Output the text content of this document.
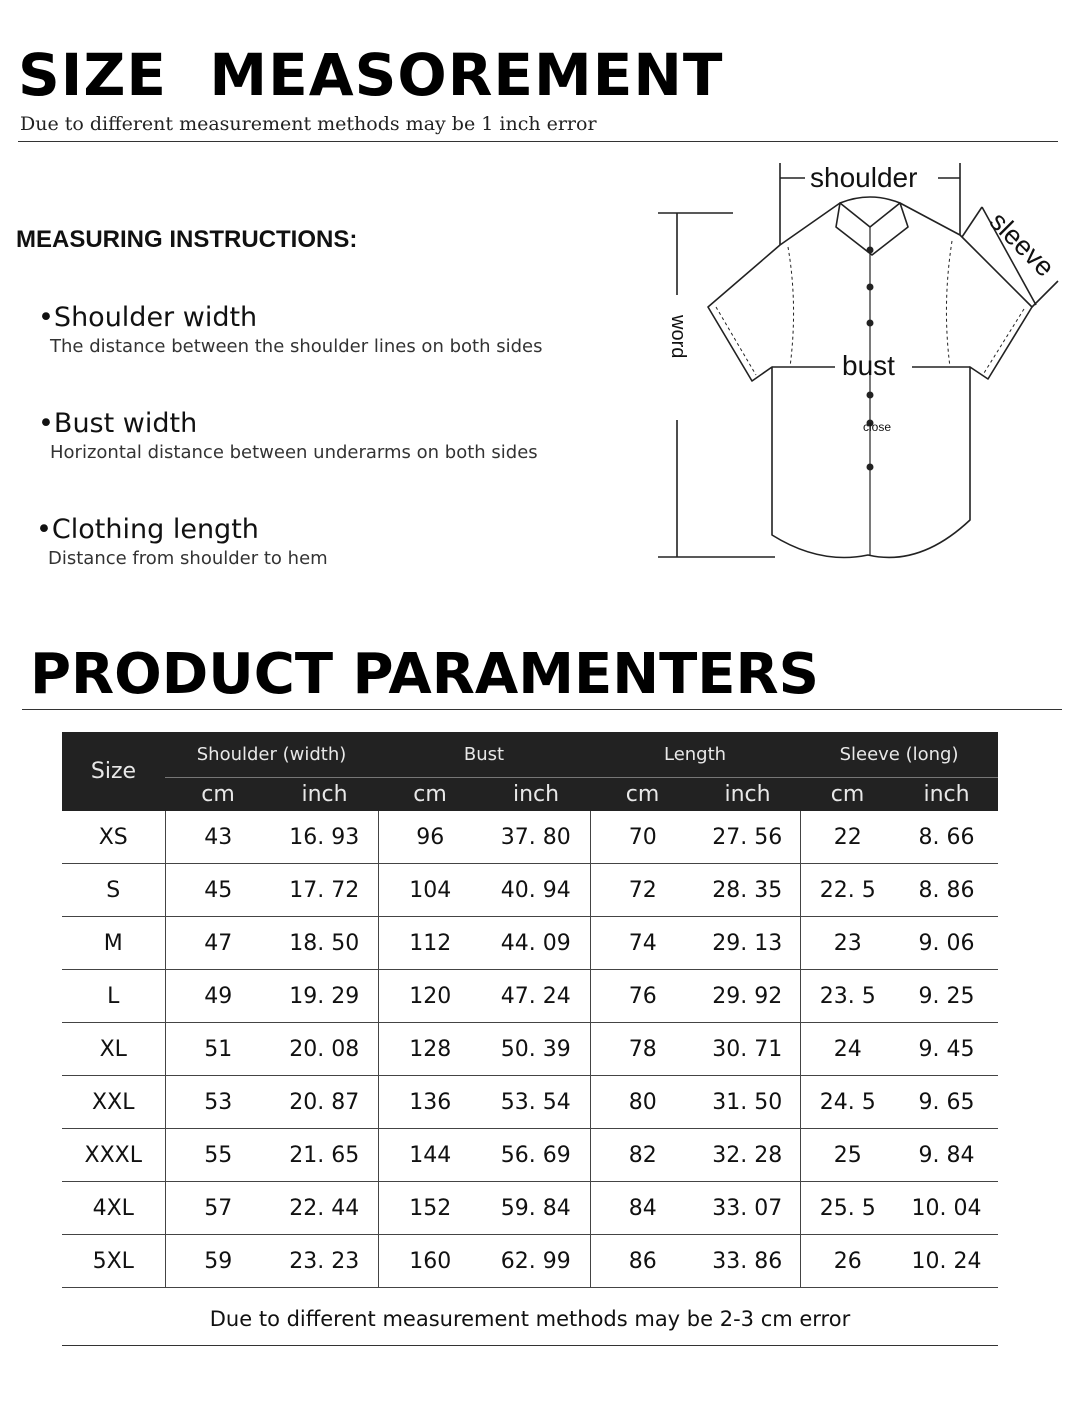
SIZE  MEASOREMENT
Due to different measurement methods may be 1 inch error
MEASURING INSTRUCTIONS:
•Shoulder width
The distance between the shoulder lines on both sides
•Bust width
Horizontal distance between underarms on both sides
•Clothing length
Distance from shoulder to hem
shoulder
bust
close
word
sleeve
PRODUCT PARAMENTERS
Size	Shoulder (width)		Bust		Length		Sleeve (long)	
	cm	inch	cm	inch	cm	inch	cm	inch
XS	43	16. 93	96	37. 80	70	27. 56	22	8. 66
S	45	17. 72	104	40. 94	72	28. 35	22. 5	8. 86
M	47	18. 50	112	44. 09	74	29. 13	23	9. 06
L	49	19. 29	120	47. 24	76	29. 92	23. 5	9. 25
XL	51	20. 08	128	50. 39	78	30. 71	24	9. 45
XXL	53	20. 87	136	53. 54	80	31. 50	24. 5	9. 65
XXXL	55	21. 65	144	56. 69	82	32. 28	25	9. 84
4XL	57	22. 44	152	59. 84	84	33. 07	25. 5	10. 04
5XL	59	23. 23	160	62. 99	86	33. 86	26	10. 24
Due to different measurement methods may be 2-3 cm error
